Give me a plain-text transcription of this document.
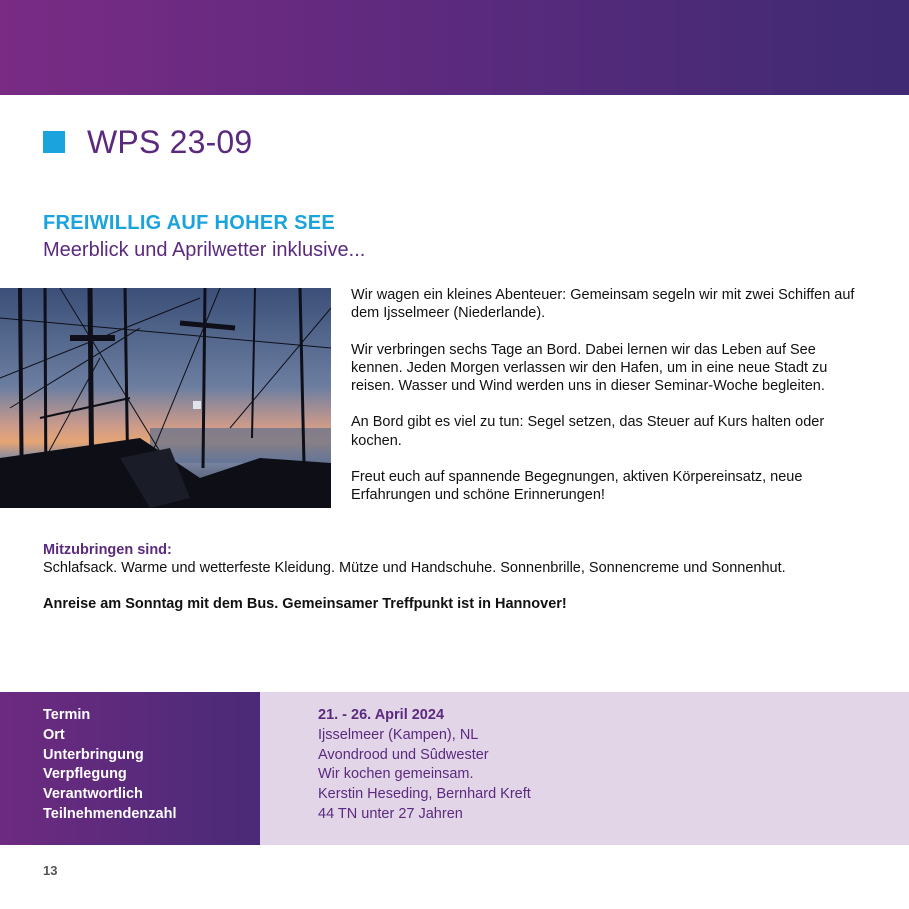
WPS 23-09
FREIWILLIG AUF HOHER SEE
Meerblick und Aprilwetter inklusive...

Wir wagen ein kleines Abenteuer: Gemeinsam segeln wir mit zwei Schiffen auf dem Ijsselmeer (Niederlande).

Wir verbringen sechs Tage an Bord. Dabei lernen wir das Leben auf See kennen. Jeden Morgen verlassen wir den Hafen, um in eine neue Stadt zu reisen. Wasser und Wind werden uns in dieser Seminar-Woche begleiten.

An Bord gibt es viel zu tun: Segel setzen, das Steuer auf Kurs halten oder kochen.

Freut euch auf spannende Begegnungen, aktiven Körpereinsatz, neue Erfahrungen und schöne Erinnerungen!

Mitzubringen sind:
Schlafsack. Warme und wetterfeste Kleidung. Mütze und Handschuhe. Sonnenbrille, Sonnencreme und Sonnenhut.
Anreise am Sonntag mit dem Bus. Gemeinsamer Treffpunkt ist in Hannover!
Termin
Ort
Unterbringung
Verpflegung
Verantwortlich
Teilnehmendenzahl
21. - 26. April 2024
Ijsselmeer (Kampen), NL
Avondrood und Sûdwester
Wir kochen gemeinsam.
Kerstin Heseding, Bernhard Kreft
44 TN unter 27 Jahren
13
